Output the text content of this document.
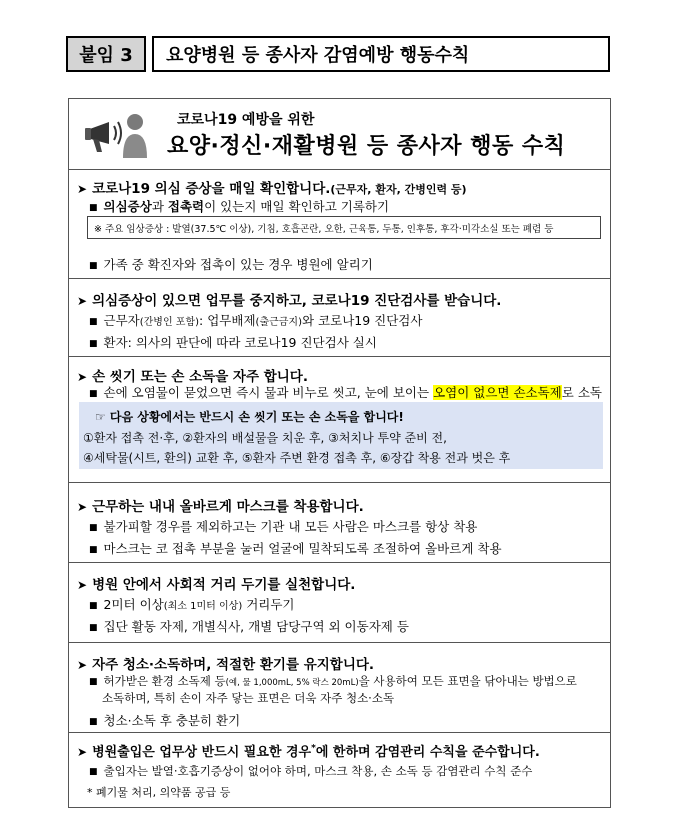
붙임 3	요양병원 등 종사자 감염예방 행동수칙
코로나19 예방을 위한
요양·정신·재활병원 등 종사자 행동 수칙
➤ 코로나19 의심 증상을 매일 확인합니다.(근무자, 환자, 간병인력 등)
■ 의심증상과 접촉력이 있는지 매일 확인하고 기록하기
※ 주요 임상증상 : 발열(37.5℃ 이상), 기침, 호흡곤란, 오한, 근육통, 두통, 인후통, 후각·미각소실 또는 폐렴 등
■ 가족 중 확진자와 접촉이 있는 경우 병원에 알리기
➤ 의심증상이 있으면 업무를 중지하고, 코로나19 진단검사를 받습니다.
■ 근무자(간병인 포함): 업무배제(출근금지)와 코로나19 진단검사
■ 환자: 의사의 판단에 따라 코로나19 진단검사 실시
➤ 손 씻기 또는 손 소독을 자주 합니다.
■ 손에 오염물이 묻었으면 즉시 물과 비누로 씻고, 눈에 보이는 오염이 없으면 손소독제로 소독
☞ 다음 상황에서는 반드시 손 씻기 또는 손 소독을 합니다!
①환자 접촉 전·후, ②환자의 배설물을 치운 후, ③처치나 투약 준비 전,
④세탁물(시트, 환의) 교환 후, ⑤환자 주변 환경 접촉 후, ⑥장갑 착용 전과 벗은 후
➤ 근무하는 내내 올바르게 마스크를 착용합니다.
■ 불가피할 경우를 제외하고는 기관 내 모든 사람은 마스크를 항상 착용
■ 마스크는 코 접촉 부분을 눌러 얼굴에 밀착되도록 조절하여 올바르게 착용
➤ 병원 안에서 사회적 거리 두기를 실천합니다.
■ 2미터 이상(최소 1미터 이상) 거리두기
■ 집단 활동 자제, 개별식사, 개별 담당구역 외 이동자제 등
➤ 자주 청소·소독하며, 적절한 환기를 유지합니다.
■ 허가받은 환경 소독제 등(예, 물 1,000mL, 5% 락스 20mL)을 사용하여 모든 표면을 닦아내는 방법으로
소독하며, 특히 손이 자주 닿는 표면은 더욱 자주 청소·소독
■ 청소·소독 후 충분히 환기
➤ 병원출입은 업무상 반드시 필요한 경우*에 한하며 감염관리 수칙을 준수합니다.
■ 출입자는 발열·호흡기증상이 없어야 하며, 마스크 착용, 손 소독 등 감염관리 수칙 준수
* 폐기물 처리, 의약품 공급 등
